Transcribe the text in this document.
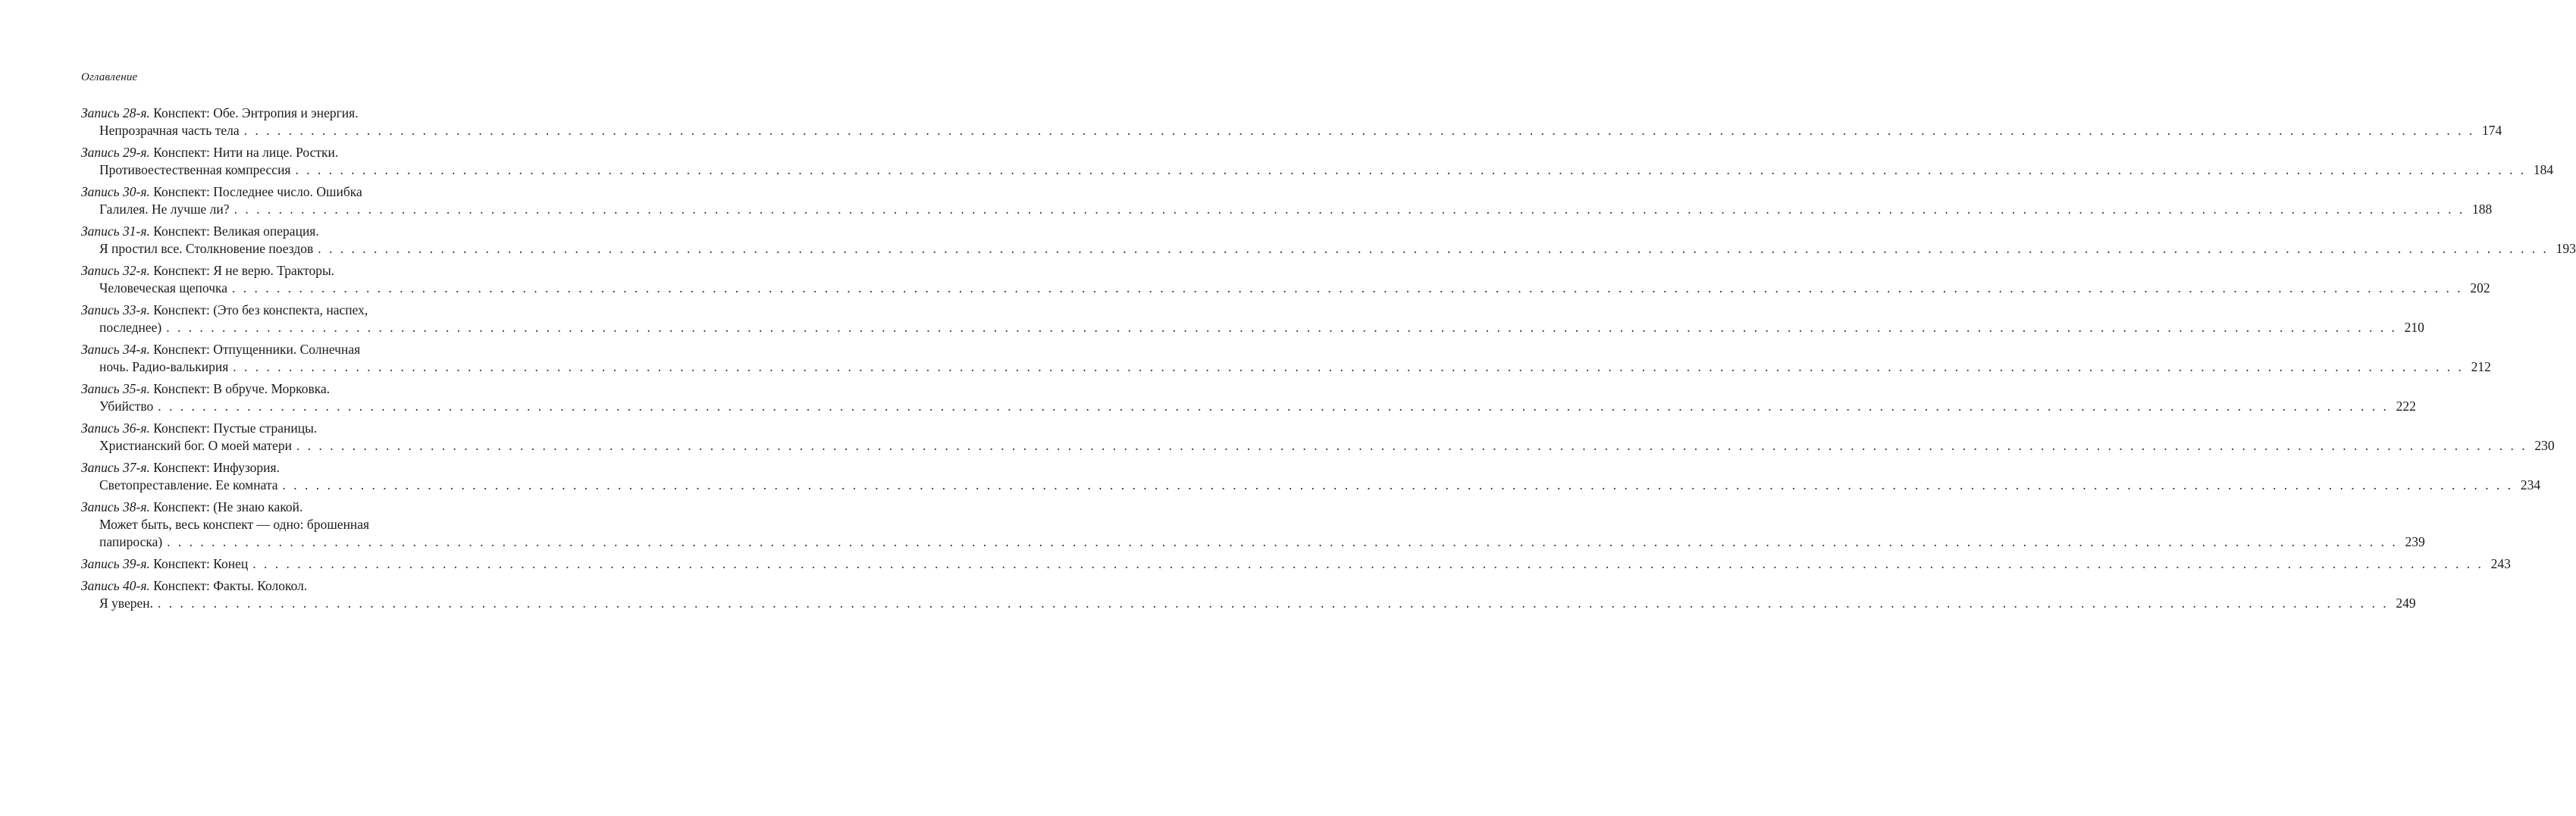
Оглавление
Запись 28-я. Конспект: Обе. Энтропия и энергия.
Непрозрачная часть тела . . . . . . . . . . . . . . . . . . . . . . . . . . . . . . . . . . . . . . . . . . . . . . . . . . . . . . . . . . . . . . . . . . . . . . . . . . . . . . . . . . . . . . . . . . . . . . . . . . . . . . . . . . . . . . . . . . . . . . . . . . . . . . . . . . . . . . . . . . . . . . . . . . . . . . . . . . . . . . . . . . . . . . . . . . . . . . . . . . . . . . . . . . . . . . . . . . . . . . . . 174
Запись 29-я. Конспект: Нити на лице. Ростки.
Противоестественная компрессия . . . . . . . . . . . . . . . . . . . . . . . . . . . . . . . . . . . . . . . . . . . . . . . . . . . . . . . . . . . . . . . . . . . . . . . . . . . . . . . . . . . . . . . . . . . . . . . . . . . . . . . . . . . . . . . . . . . . . . . . . . . . . . . . . . . . . . . . . . . . . . . . . . . . . . . . . . . . . . . . . . . . . . . . . . . . . . . . . . . . . . . . . . . . . . . . . . . . . . . . 184
Запись 30-я. Конспект: Последнее число. Ошибка
Галилея. Не лучше ли? . . . . . . . . . . . . . . . . . . . . . . . . . . . . . . . . . . . . . . . . . . . . . . . . . . . . . . . . . . . . . . . . . . . . . . . . . . . . . . . . . . . . . . . . . . . . . . . . . . . . . . . . . . . . . . . . . . . . . . . . . . . . . . . . . . . . . . . . . . . . . . . . . . . . . . . . . . . . . . . . . . . . . . . . . . . . . . . . . . . . . . . . . . . . . . . . . . . . . . . . 188
Запись 31-я. Конспект: Великая операция.
Я простил все. Столкновение поездов . . . . . . . . . . . . . . . . . . . . . . . . . . . . . . . . . . . . . . . . . . . . . . . . . . . . . . . . . . . . . . . . . . . . . . . . . . . . . . . . . . . . . . . . . . . . . . . . . . . . . . . . . . . . . . . . . . . . . . . . . . . . . . . . . . . . . . . . . . . . . . . . . . . . . . . . . . . . . . . . . . . . . . . . . . . . . . . . . . . . . . . . . . . . . . . . . . . . . . . . 193
Запись 32-я. Конспект: Я не верю. Тракторы.
Человеческая щепочка . . . . . . . . . . . . . . . . . . . . . . . . . . . . . . . . . . . . . . . . . . . . . . . . . . . . . . . . . . . . . . . . . . . . . . . . . . . . . . . . . . . . . . . . . . . . . . . . . . . . . . . . . . . . . . . . . . . . . . . . . . . . . . . . . . . . . . . . . . . . . . . . . . . . . . . . . . . . . . . . . . . . . . . . . . . . . . . . . . . . . . . . . . . . . . . . . . . . . . . . 202
Запись 33-я. Конспект: (Это без конспекта, наспех,
последнее) . . . . . . . . . . . . . . . . . . . . . . . . . . . . . . . . . . . . . . . . . . . . . . . . . . . . . . . . . . . . . . . . . . . . . . . . . . . . . . . . . . . . . . . . . . . . . . . . . . . . . . . . . . . . . . . . . . . . . . . . . . . . . . . . . . . . . . . . . . . . . . . . . . . . . . . . . . . . . . . . . . . . . . . . . . . . . . . . . . . . . . . . . . . . . . . . . . . . . . . . 210
Запись 34-я. Конспект: Отпущенники. Солнечная
ночь. Радио-валькирия . . . . . . . . . . . . . . . . . . . . . . . . . . . . . . . . . . . . . . . . . . . . . . . . . . . . . . . . . . . . . . . . . . . . . . . . . . . . . . . . . . . . . . . . . . . . . . . . . . . . . . . . . . . . . . . . . . . . . . . . . . . . . . . . . . . . . . . . . . . . . . . . . . . . . . . . . . . . . . . . . . . . . . . . . . . . . . . . . . . . . . . . . . . . . . . . . . . . . . . . 212
Запись 35-я. Конспект: В обруче. Морковка.
Убийство . . . . . . . . . . . . . . . . . . . . . . . . . . . . . . . . . . . . . . . . . . . . . . . . . . . . . . . . . . . . . . . . . . . . . . . . . . . . . . . . . . . . . . . . . . . . . . . . . . . . . . . . . . . . . . . . . . . . . . . . . . . . . . . . . . . . . . . . . . . . . . . . . . . . . . . . . . . . . . . . . . . . . . . . . . . . . . . . . . . . . . . . . . . . . . . . . . . . . . . . 222
Запись 36-я. Конспект: Пустые страницы.
Христианский бог. О моей матери . . . . . . . . . . . . . . . . . . . . . . . . . . . . . . . . . . . . . . . . . . . . . . . . . . . . . . . . . . . . . . . . . . . . . . . . . . . . . . . . . . . . . . . . . . . . . . . . . . . . . . . . . . . . . . . . . . . . . . . . . . . . . . . . . . . . . . . . . . . . . . . . . . . . . . . . . . . . . . . . . . . . . . . . . . . . . . . . . . . . . . . . . . . . . . . . . . . . . . . . 230
Запись 37-я. Конспект: Инфузория.
Светопреставление. Ее комната . . . . . . . . . . . . . . . . . . . . . . . . . . . . . . . . . . . . . . . . . . . . . . . . . . . . . . . . . . . . . . . . . . . . . . . . . . . . . . . . . . . . . . . . . . . . . . . . . . . . . . . . . . . . . . . . . . . . . . . . . . . . . . . . . . . . . . . . . . . . . . . . . . . . . . . . . . . . . . . . . . . . . . . . . . . . . . . . . . . . . . . . . . . . . . . . . . . . . . . . 234
Запись 38-я. Конспект: (Не знаю какой.
Может быть, весь конспект — одно: брошенная
папироска) . . . . . . . . . . . . . . . . . . . . . . . . . . . . . . . . . . . . . . . . . . . . . . . . . . . . . . . . . . . . . . . . . . . . . . . . . . . . . . . . . . . . . . . . . . . . . . . . . . . . . . . . . . . . . . . . . . . . . . . . . . . . . . . . . . . . . . . . . . . . . . . . . . . . . . . . . . . . . . . . . . . . . . . . . . . . . . . . . . . . . . . . . . . . . . . . . . . . . . . . 239
Запись 39-я. Конспект: Конец . . . . . . . . . . . . . . . . . . . . . . . . . . . . . . . . . . . . . . . . . . . . . . . . . . . . . . . . . . . . . . . . . . . . . . . . . . . . . . . . . . . . . . . . . . . . . . . . . . . . . . . . . . . . . . . . . . . . . . . . . . . . . . . . . . . . . . . . . . . . . . . . . . . . . . . . . . . . . . . . . . . . . . . . . . . . . . . . . . . . . . . . . . . . . . . . . . . . . . . . 243
Запись 40-я. Конспект: Факты. Колокол.
Я уверен. . . . . . . . . . . . . . . . . . . . . . . . . . . . . . . . . . . . . . . . . . . . . . . . . . . . . . . . . . . . . . . . . . . . . . . . . . . . . . . . . . . . . . . . . . . . . . . . . . . . . . . . . . . . . . . . . . . . . . . . . . . . . . . . . . . . . . . . . . . . . . . . . . . . . . . . . . . . . . . . . . . . . . . . . . . . . . . . . . . . . . . . . . . . . . . . . . . . . . . . . 249
